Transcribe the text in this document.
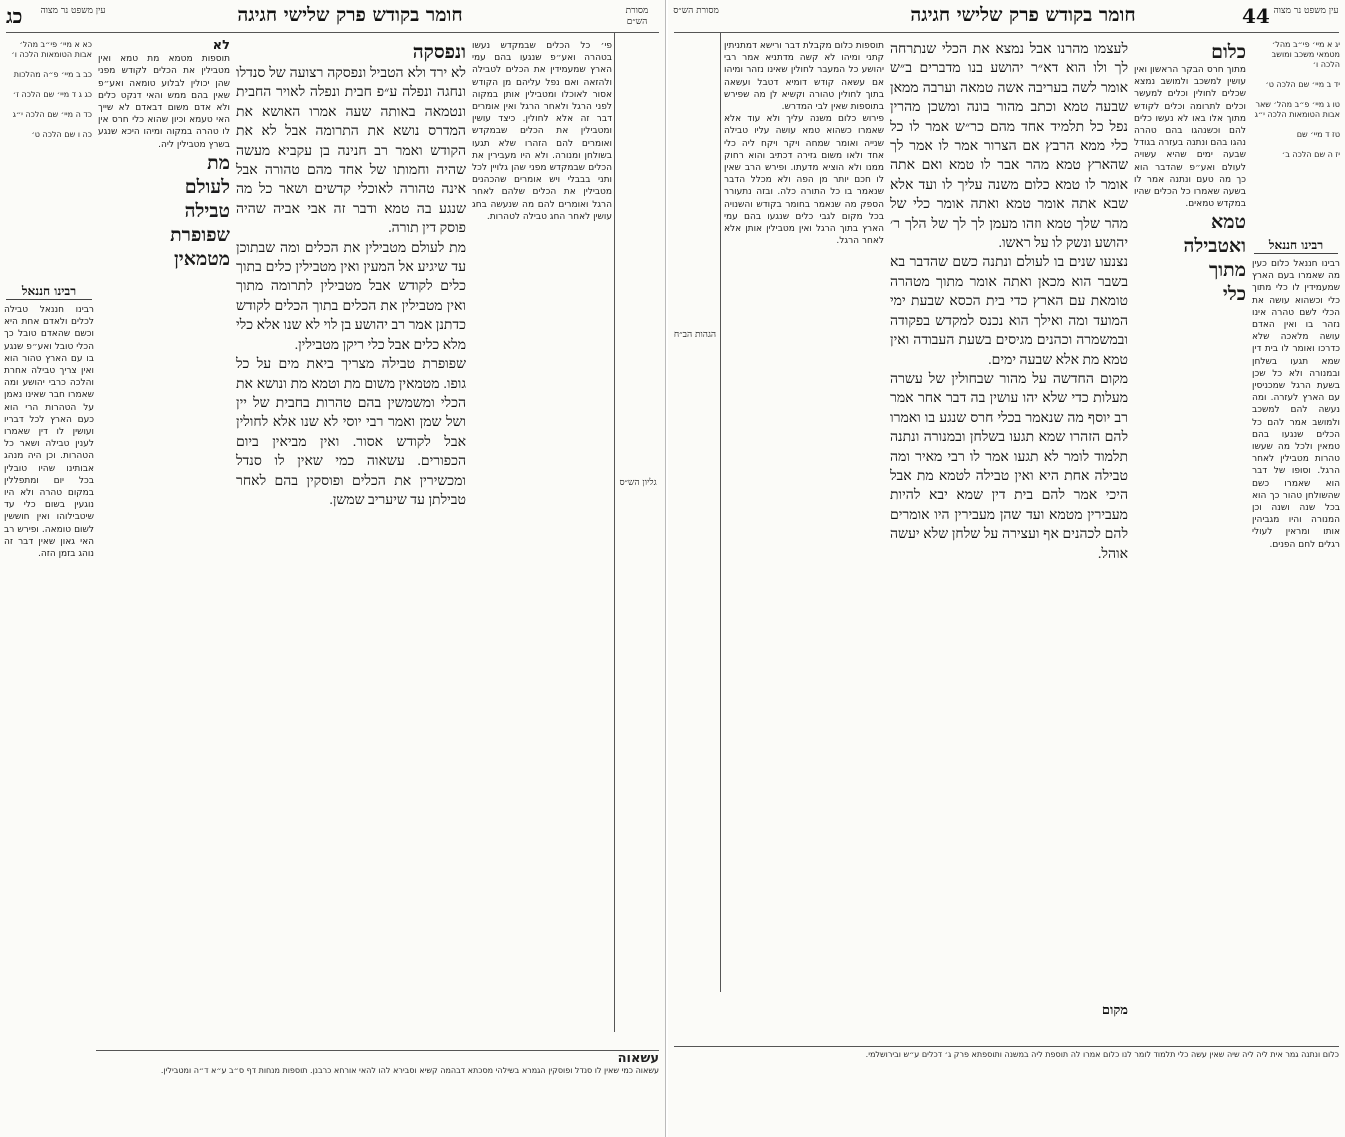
חומר בקודש פרק שלישי חגיגה
כג	מסורת הש״ם
עין משפט נר מצוה
כא א מיי׳ פי״ב מהל׳ אבות הטומאות הלכה ו׳

כב ב מיי׳ פ״ה מהלכות

כג ג ד מיי׳ שם הלכה ז׳

כד ה מיי׳ שם הלכה י״ג

כה ו שם הלכה ט׳
רבינו חננאל

רבינו חננאל טבילה לכלים ולאדם אחת היא וכשם שהאדם טובל כך הכלי טובל ואע״פ שנגע בו עם הארץ טהור הוא ואין צריך טבילה אחרת והלכה כרבי יהושע ומה שאמרו חבר שאינו נאמן על הטהרות הרי הוא כעם הארץ לכל דבריו ועושין לו דין שאמרו לענין טבילה ושאר כל הטהרות. וכן היה מנהג אבותינו שהיו טובלין בכל יום ומתפללין במקום טהרה ולא היו נוגעין בשום כלי עד שיטבילוהו ואין חוששין לשום טומאה. ופירש רב האי גאון שאין דבר זה נוהג בזמן הזה.

לא

תוספות מטמא מת טמא ואין מטבילין את הכלים לקודש מפני שהן יכולין לבלוע טומאה ואע״פ שאין בהם ממש והאי דנקט כלים ולא אדם משום דבאדם לא שייך האי טעמא וכיון שהוא כלי חרס אין לו טהרה במקוה ומיהו היכא שנגע בשרץ מטבילין ליה.

מת
לעולם
טבילה
שפופרת
מטמאין
ונפסקה

לא ירד ולא הטביל ונפסקה רצועה של סנדלו ונחגה ונפלה ע״פ חבית ונפלה לאויר החבית ונטמאה באותה שעה אמרו האושא את המדרס נושא את התרומה אבל לא את הקודש ואמר רב חנינה בן עקביא מעשה שהיה וחמותו של אחד מהם טהורה אבל אינה טהורה לאוכלי קדשים ושאר כל מה שנגע בה טמא ודבר זה אבי אביה שהיה פוסק דין תורה.

מת לעולם מטבילין את הכלים ומה שבתוכן עד שיגיע אל המעין ואין מטבילין כלים בתוך כלים לקודש אבל מטבילין לתרומה מתוך ואין מטבילין את הכלים בתוך הכלים לקודש כדתנן אמר רב יהושע בן לוי לא שנו אלא כלי מלא כלים אבל כלי ריקן מטבילין.

שפופרת טבילה מצריך ביאת מים על כל גופו. מטמאין משום מת וטמא מת ונושא את הכלי ומשמשין בהם טהרות בחבית של יין ושל שמן ואמר רבי יוסי לא שנו אלא לחולין אבל לקודש אסור. ואין מביאין ביום הכפורים. עשאוה כמי שאין לו סנדל ומכשירין את הכלים ופוסקין בהם לאחר טבילתן עד שיעריב שמשן.

פי׳ כל הכלים שבמקדש נעשו בטהרה ואע״פ שנגעו בהם עמי הארץ שמעמידין את הכלים לטבילה ולהזאה ואם נפל עליהם מן הקודש אסור לאוכלו ומטבילין אותן במקוה לפני הרגל ולאחר הרגל ואין אומרים דבר זה אלא לחולין. כיצד עושין ומטבילין את הכלים שבמקדש ואומרים להם הזהרו שלא תגעו בשולחן ומנורה. ולא היו מעבירין את הכלים שבמקדש מפני שהן גלויין לכל ותני בבבלי ויש אומרים שהכהנים מטבילין את הכלים שלהם לאחר הרגל ואומרים להם מה שנעשה בחג עושין לאחר החג טבילה לטהרות.

גליון הש״ס
עשאוה

עשאוה כמי שאין לו סנדל ופוסקין הגמרא בשילהי מסכתא דבהמה קשיא וסבירא להו להאי אורחא כרבנן. תוספות מנחות דף ס״ב ע״א ד״ה ומטבילין.

חומר בקודש פרק שלישי חגיגה	44 עין משפט נר מצוה
מסורת הש״ס
הגהות הב״ח

תוספות כלום מקבלת דבר ורישא דמתניתין קתני ומיהו לא קשה מדתניא אמר רבי יהושע כל המעבר לחולין שאינו נזהר ומיהו אם עשאה קודש דומיא דטבל ועשאה בתוך לחולין טהורה וקשיא לן מה שפירש בתוספות שאין לבי המדרש.

פירוש כלום משנה עליך ולא עוד אלא שאמרו כשהוא טמא עושה עליו טבילה שנייה ואומר שמחה ויקר ויקח ליה כלי אחד ולאו משום גזירה דכתיב והוא רחוק ממנו ולא הוציא מדעתו. ופירש הרב שאין לו חכם יותר מן הפה ולא מכלל הדבר שנאמר בו כל התורה כלה. ובזה נתעורר הספק מה שנאמר בחומר בקודש והשנויה בכל מקום לגבי כלים שנגעו בהם עמי הארץ בתוך הרגל ואין מטבילין אותן אלא לאחר הרגל.

לעצמו מהרנו אבל נמצא את הכלי שנתרחה לך ולו הוא דא״ר יהושע בנו מדברים ב״ש אומר לשה בעריבה אשה טמאה וערבה ממאן שבעה טמא וכתב מהור בונה ומשכן מהרין נפל כל תלמיד אחד מהם כר״ש אמר לו כל כלי ממא הרבץ אם הצרור אמר לו אמר לך שהארץ טמא מהר אבר לו טמא ואם אתה אומר לו טמא כלום משנה עליך לו ועד אלא שבא אתה אומר טמא ואתה אומר כלי של מהר שלך טמא וזהו מעמן לך לך של הלך ר׳ יהושע ונשק לו על ראשו.

נצנעו שנים בו לעולם ונתנה כשם שהדבר בא בשבר הוא מכאן ואתה אומר מתוך מטהרה טומאת עם הארץ כדי בית הכסא שבעת ימי המועד ומה ואילך הוא נכנס למקדש בפקודה ובמשמרה וכהנים מגיסים בשעת העבודה ואין טמא מת אלא שבעה ימים.

מקום החדשה על מהור שבחולין של עשרה מעלות כדי שלא יהו עושין בה דבר אחר אמר רב יוסף מה שנאמר בכלי חרס שנגע בו ואמרו להם הזהרו שמא תגעו בשלחן ובמנורה ונתנה תלמוד לומר לא תגעו אמר לו רבי מאיר ומה טבילה אחת היא ואין טבילה לטמא מת אבל היכי אמר להם בית דין שמא יבא להיות מעבירין מטמא ועד שהן מעבירין היו אומרים להם לכהנים אף ועצירה על שלחן שלא יעשה אוהל.

כלום

מתוך חרס הבקר הראשון ואין עושין למשכב ולמושב נמצא שכלים לחולין וכלים למעשר וכלים לתרומה וכלים לקודש מתוך אלו באו לא נעשו כלים להם וכשנהגו בהם טהרה נהגו בהם ונתנה בעזרה בגודל שבעה ימים שהיא עשויה לעולם ואע״פ שהדבר הוא כך מה טעם ונתנה אמר לו בשעה שאמרו כל הכלים שהיו במקדש טמאים.

טמא
ואטבילה
מתוך
כלי
יג א מיי׳ פי״ב מהל׳ מטמאי משכב ומושב הלכה ו׳

יד ב מיי׳ שם הלכה ט׳

טו ג מיי׳ פ״ב מהל׳ שאר אבות הטומאות הלכה י״ג

טז ד מיי׳ שם

יז ה שם הלכה ב׳
רבינו חננאל

רבינו חננאל כלום כעין מה שאמרו בעם הארץ שמעמידין לו כלי מתוך כלי וכשהוא עושה את הכלי לשם טהרה אינו נזהר בו ואין האדם עושה מלאכה שלא כדרכו ואומר לו בית דין שמא תגעו בשלחן ובמנורה ולא כל שכן בשעת הרגל שמכניסין עם הארץ לעזרה. ומה נעשה להם למשכב ולמושב אמר להם כל הכלים שנגעו בהם טמאין ולכל מה שעשו טהרות מטבילין לאחר הרגל. וסופו של דבר הוא שאמרו כשם שהשולחן טהור כך הוא בכל שנה ושנה וכן המנורה והיו מגביהין אותו ומראין לעולי רגלים לחם הפנים.

מקום

כלום ונתנה גמר אית ליה ליה שיה שאין עשה כלי תלמוד לומר לנו כלום אמרו לה תוספת ליה במשנה ותוספתא פרק ג׳ דכלים ע״ש ובירושלמי.
